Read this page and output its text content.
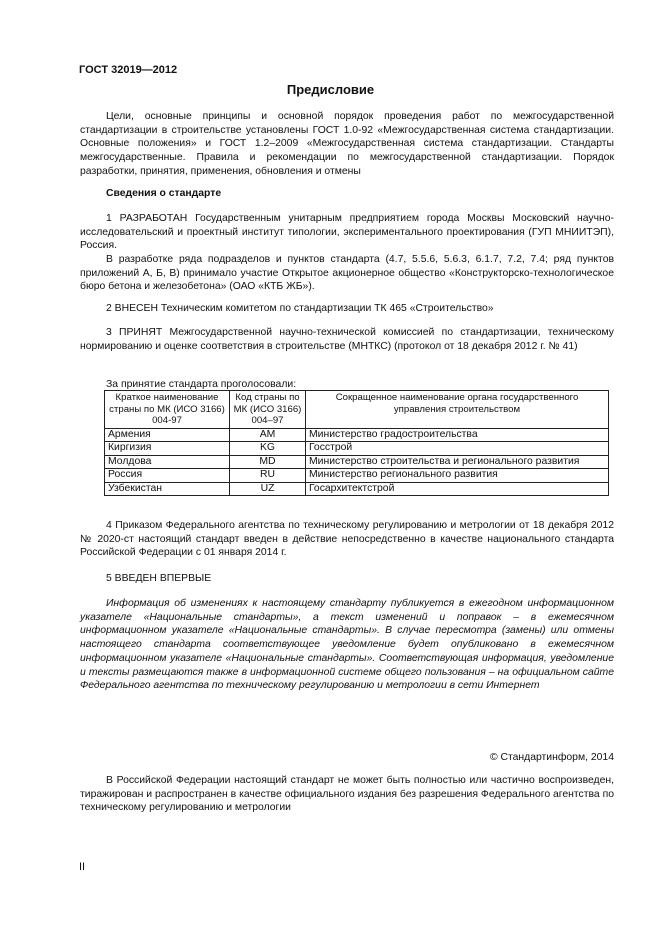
ГОСТ 32019—2012
Предисловие
Цели, основные принципы и основной порядок проведения работ по межгосударственной стандартизации в строительстве установлены ГОСТ 1.0-92 «Межгосударственная система стандартизации. Основные положения» и ГОСТ 1.2–2009 «Межгосударственная система стандартизации. Стандарты межгосударственные. Правила и рекомендации по межгосударственной стандартизации. Порядок разработки, принятия, применения, обновления и отмены
Сведения о стандарте
1 РАЗРАБОТАН Государственным унитарным предприятием города Москвы Московский научно-исследовательский и проектный институт типологии, экспериментального проектирования (ГУП МНИИТЭП), Россия.
В разработке ряда подразделов и пунктов стандарта (4.7, 5.5.6, 5.6.3, 6.1.7, 7.2, 7.4; ряд пунктов приложений А, Б, В) принимало участие Открытое акционерное общество «Конструкторско-технологическое бюро бетона и железобетона» (ОАО «КТБ ЖБ»).
2 ВНЕСЕН Техническим комитетом по стандартизации ТК 465 «Строительство»
3 ПРИНЯТ Межгосударственной научно-технической комиссией по стандартизации, техническому нормированию и оценке соответствия в строительстве (МНТКС) (протокол от 18 декабря 2012 г. № 41)
За принятие стандарта проголосовали:
Краткое наименование страны по МК (ИСО 3166) 004-97	Код страны по МК (ИСО 3166) 004–97	Сокращенное наименование органа государственного управления строительством
Армения	AM	Министерство градостроительства
Киргизия	KG	Госстрой
Молдова	MD	Министерство строительства и регионального развития
Россия	RU	Министерство регионального развития
Узбекистан	UZ	Госархитектстрой
4 Приказом Федерального агентства по техническому регулированию и метрологии от 18 декабря 2012 № 2020-ст настоящий стандарт введен в действие непосредственно в качестве национального стандарта Российской Федерации с 01 января 2014 г.
5 ВВЕДЕН ВПЕРВЫЕ
Информация об изменениях к настоящему стандарту публикуется в ежегодном информационном указателе «Национальные стандарты», а текст изменений и поправок – в ежемесячном информационном указателе «Национальные стандарты». В случае пересмотра (замены) или отмены настоящего стандарта соответствующее уведомление будет опубликовано в ежемесячном информационном указателе «Национальные стандарты». Соответствующая информация, уведомление и тексты размещаются также в информационной системе общего пользования – на официальном сайте Федерального агентства по техническому регулированию и метрологии в сети Интернет
© Стандартинформ, 2014
В Российской Федерации настоящий стандарт не может быть полностью или частично воспроизведен, тиражирован и распространен в качестве официального издания без разрешения Федерального агентства по техническому регулированию и метрологии
II
